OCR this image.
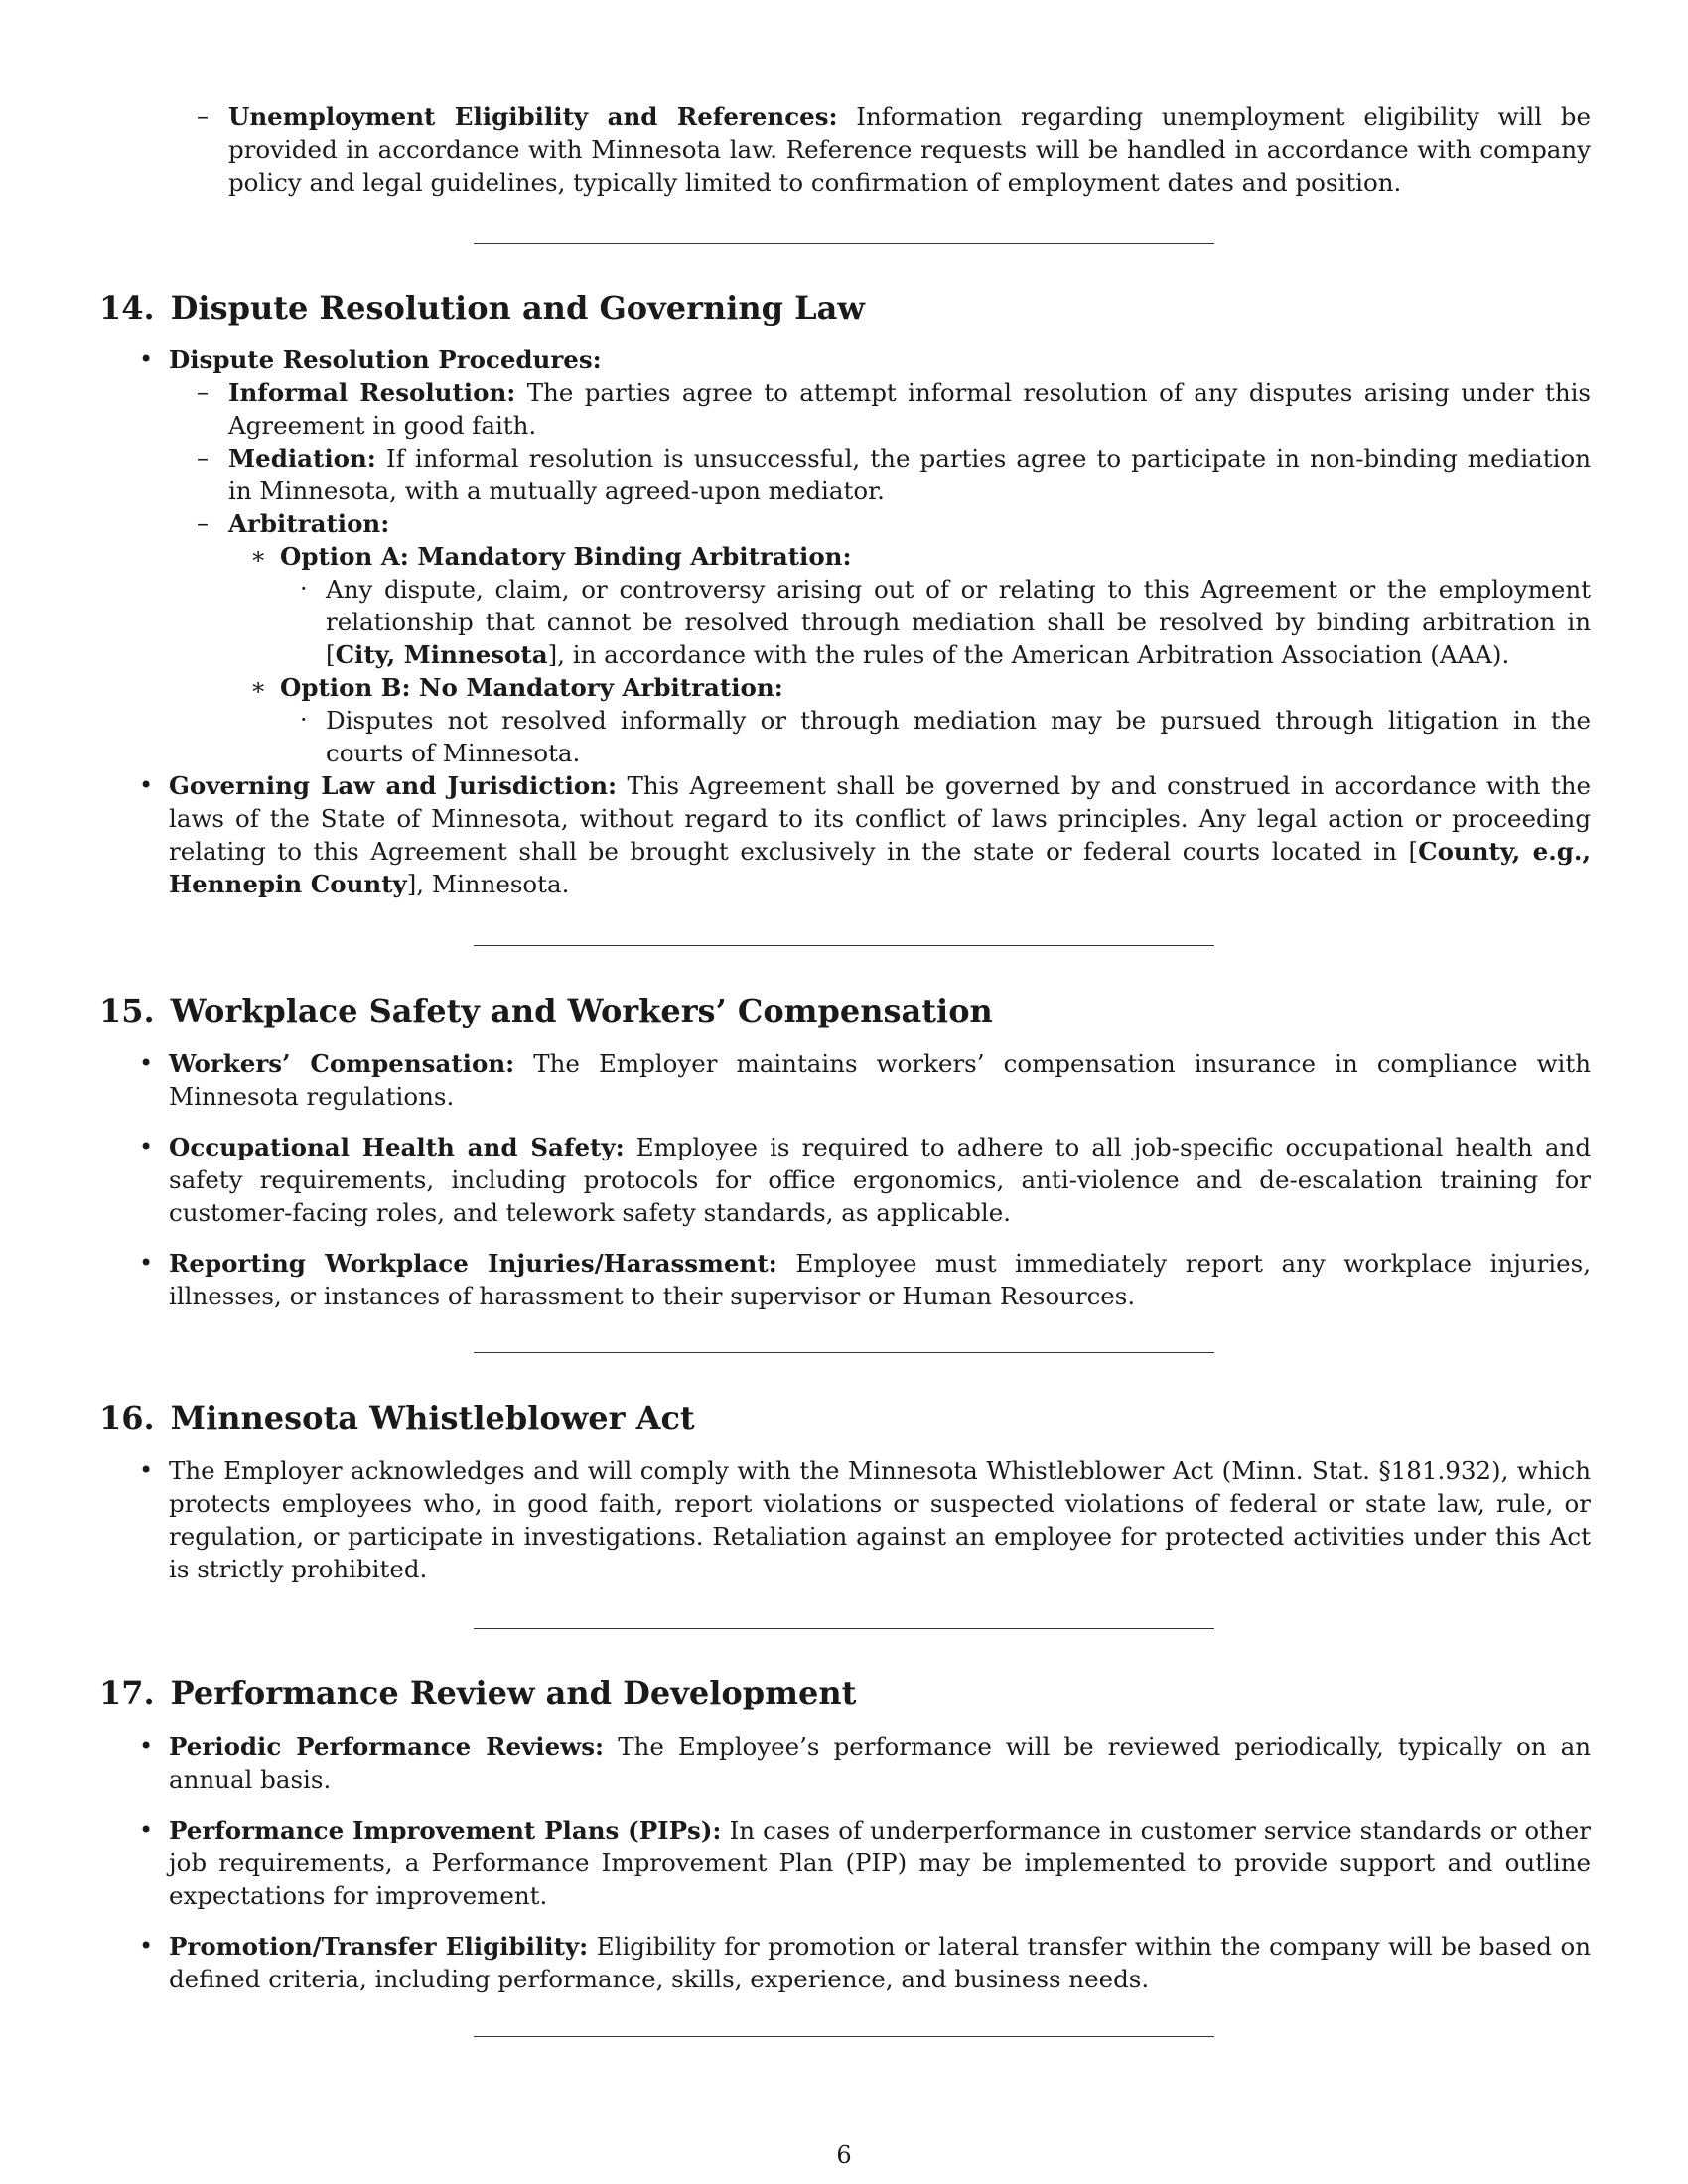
– Unemployment Eligibility and References: Information regarding unemployment eligibility will be provided in accordance with Minnesota law. Reference requests will be handled in accordance with company policy and legal guidelines, typically limited to confirmation of employment dates and position.
14. Dispute Resolution and Governing Law
• Dispute Resolution Procedures:
– Informal Resolution: The parties agree to attempt informal resolution of any disputes arising under this Agreement in good faith.
– Mediation: If informal resolution is unsuccessful, the parties agree to participate in non-binding mediation in Minnesota, with a mutually agreed-upon mediator.
– Arbitration:
∗ Option A: Mandatory Binding Arbitration:
· Any dispute, claim, or controversy arising out of or relating to this Agreement or the employment relationship that cannot be resolved through mediation shall be resolved by binding arbitration in [City, Minnesota], in accordance with the rules of the American Arbitration Association (AAA).
∗ Option B: No Mandatory Arbitration:
· Disputes not resolved informally or through mediation may be pursued through litigation in the courts of Minnesota.
• Governing Law and Jurisdiction: This Agreement shall be governed by and construed in accordance with the laws of the State of Minnesota, without regard to its conflict of laws principles. Any legal action or proceeding relating to this Agreement shall be brought exclusively in the state or federal courts located in [County, e.g., Hennepin County], Minnesota.
15. Workplace Safety and Workers’ Compensation
• Workers’ Compensation: The Employer maintains workers’ compensation insurance in compliance with Minnesota regulations.
• Occupational Health and Safety: Employee is required to adhere to all job-specific occupational health and safety requirements, including protocols for office ergonomics, anti-violence and de-escalation training for customer-facing roles, and telework safety standards, as applicable.
• Reporting Workplace Injuries/Harassment: Employee must immediately report any workplace injuries, illnesses, or instances of harassment to their supervisor or Human Resources.
16. Minnesota Whistleblower Act
• The Employer acknowledges and will comply with the Minnesota Whistleblower Act (Minn. Stat. §181.932), which protects employees who, in good faith, report violations or suspected violations of federal or state law, rule, or regulation, or participate in investigations. Retaliation against an employee for protected activities under this Act is strictly prohibited.
17. Performance Review and Development
• Periodic Performance Reviews: The Employee’s performance will be reviewed periodically, typically on an annual basis.
• Performance Improvement Plans (PIPs): In cases of underperformance in customer service standards or other job requirements, a Performance Improvement Plan (PIP) may be implemented to provide support and outline expectations for improvement.
• Promotion/Transfer Eligibility: Eligibility for promotion or lateral transfer within the company will be based on defined criteria, including performance, skills, experience, and business needs.
6
